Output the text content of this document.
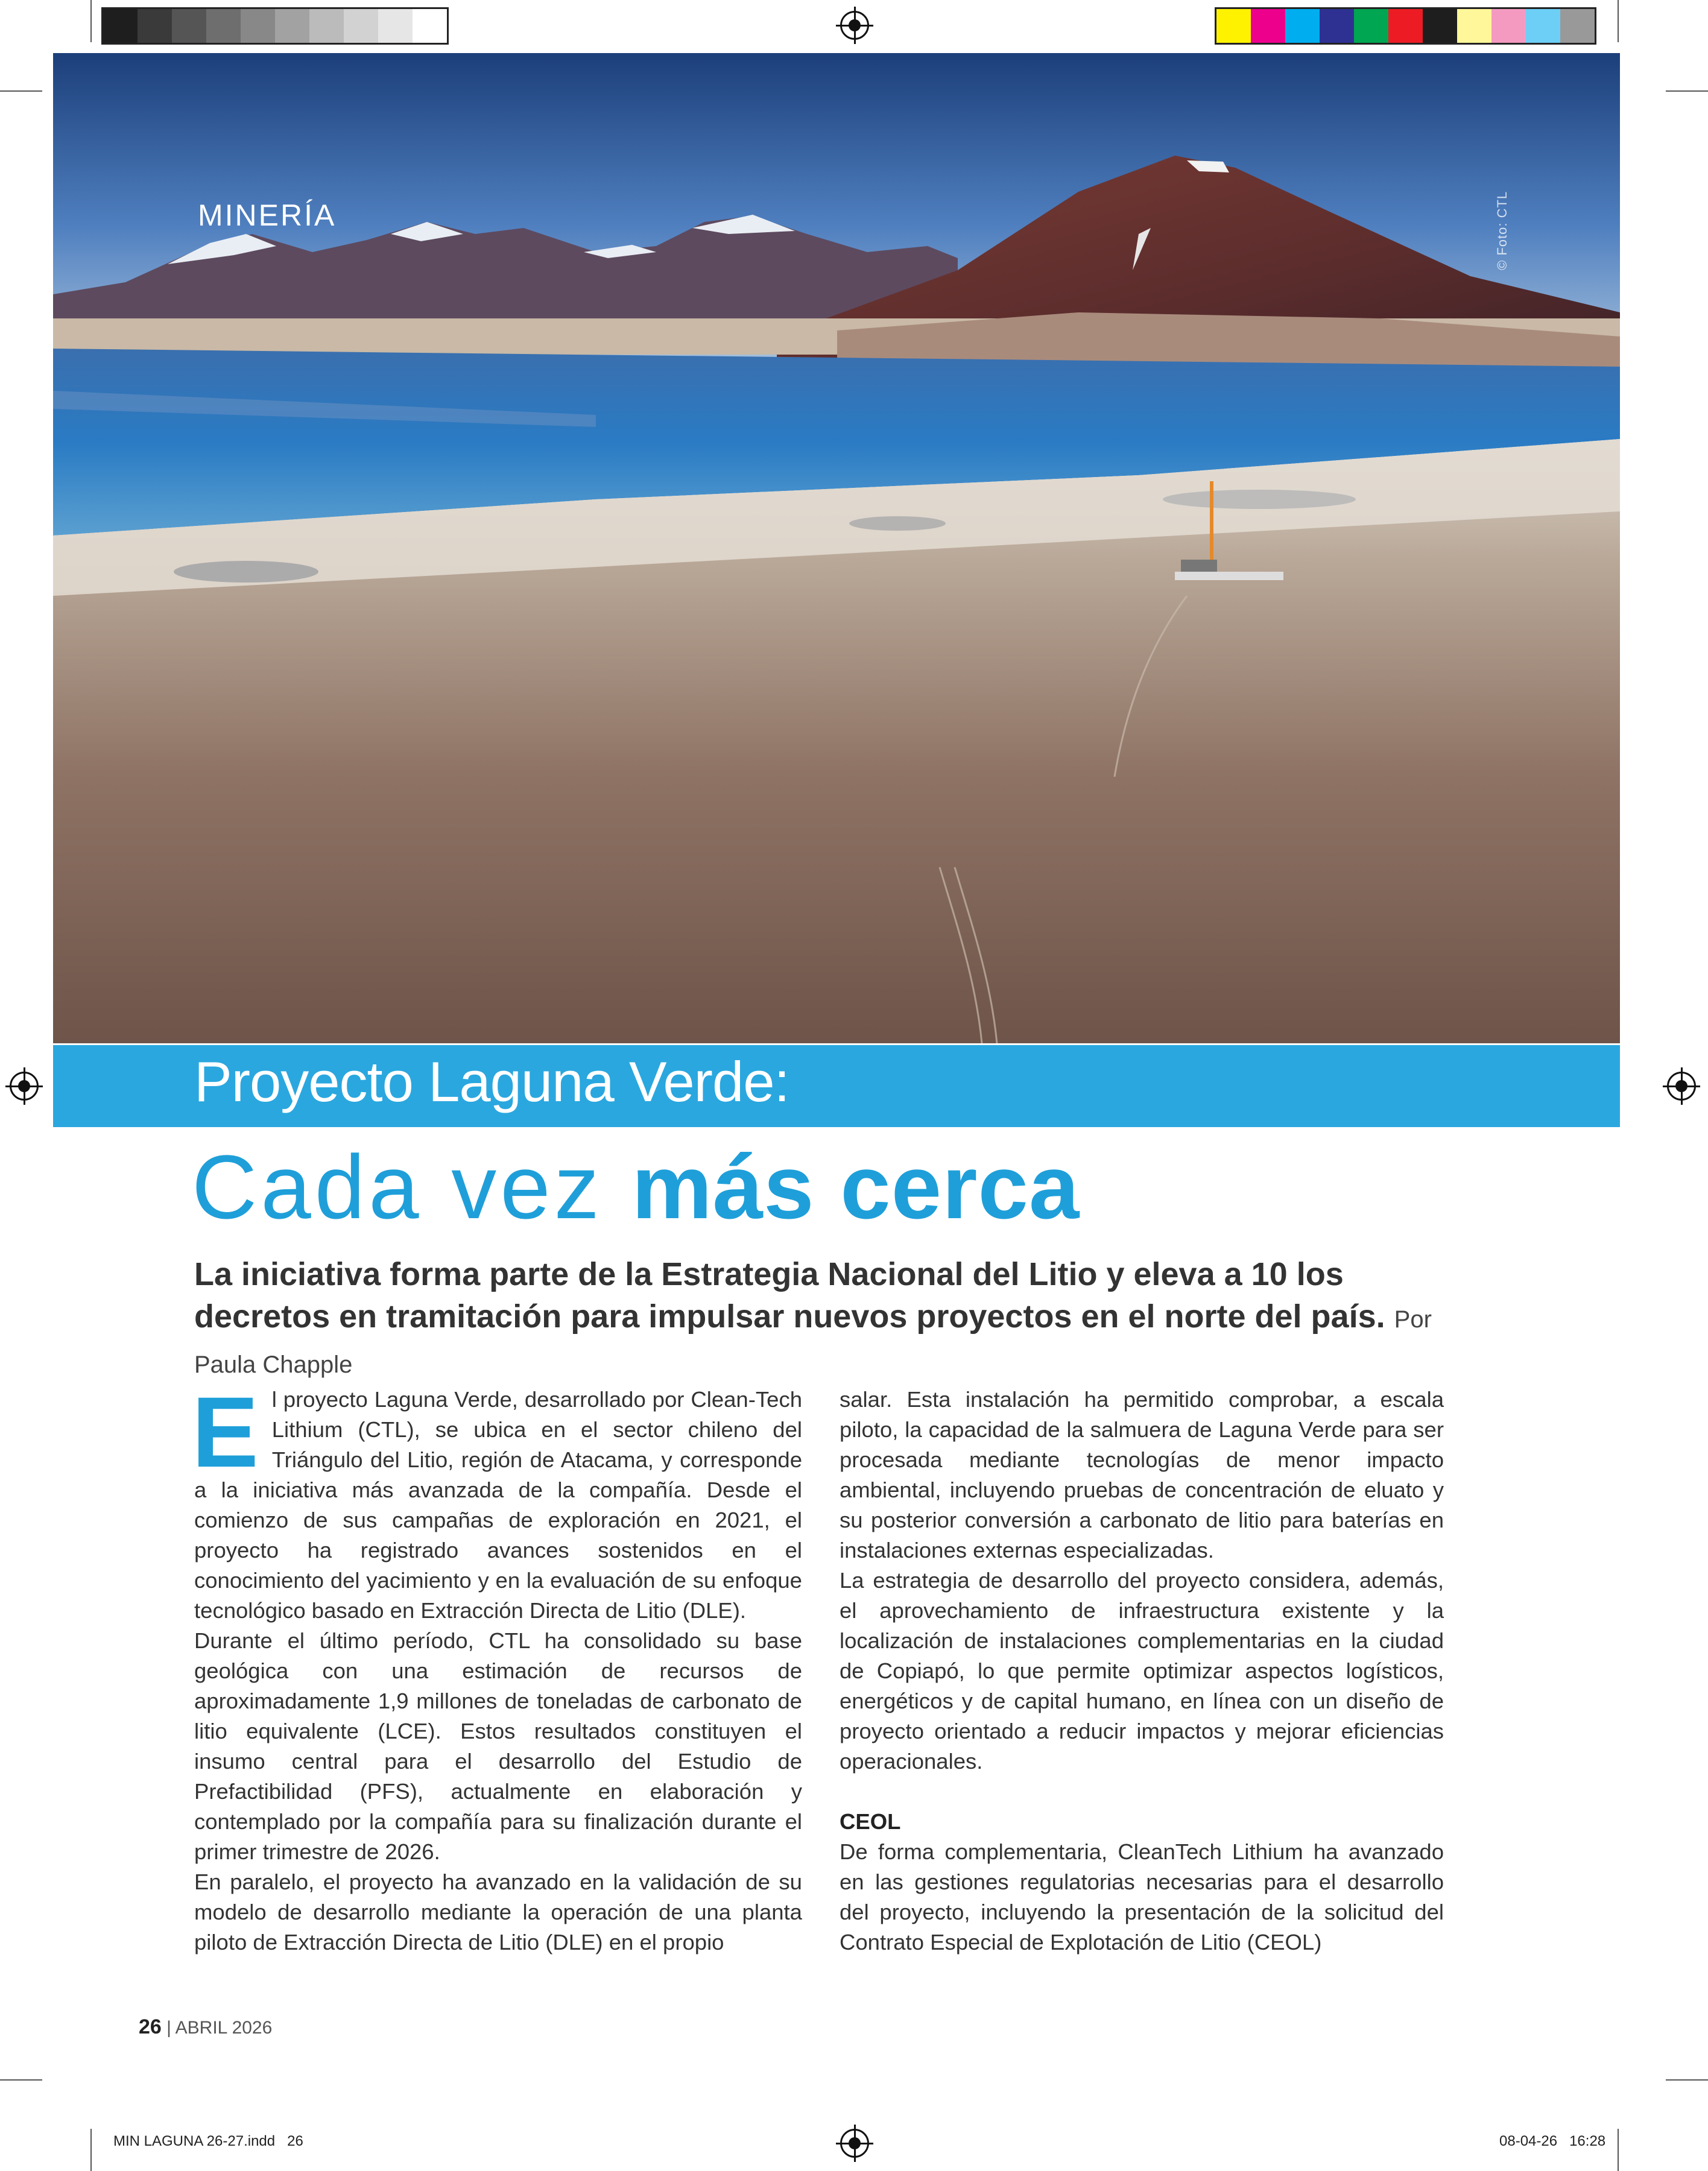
MINERÍA	© Foto: CTL
Proyecto Laguna Verde:
Cada vez más cerca
La iniciativa forma parte de la Estrategia Nacional del Litio y eleva a 10 los decretos en tramitación para impulsar nuevos proyectos en el norte del país. Por Paula Chapple

El proyecto Laguna Verde, desarrollado por Clean-Tech Lithium (CTL), se ubica en el sector chileno del Triángulo del Litio, región de Atacama, y corresponde a la iniciativa más avanzada de la compañía. Desde el comienzo de sus campañas de exploración en 2021, el proyecto ha registrado avances sostenidos en el conocimiento del yacimiento y en la evaluación de su enfoque tecnológico basado en Extracción Directa de Litio (DLE).

Durante el último período, CTL ha consolidado su base geológica con una estimación de recursos de aproximadamente 1,9 millones de toneladas de carbonato de litio equivalente (LCE). Estos resultados constituyen el insumo central para el desarrollo del Estudio de Prefactibilidad (PFS), actualmente en elaboración y contemplado por la compañía para su finalización durante el primer trimestre de 2026.

En paralelo, el proyecto ha avanzado en la validación de su modelo de desarrollo mediante la operación de una planta piloto de Extracción Directa de Litio (DLE) en el propio

salar. Esta instalación ha permitido comprobar, a escala piloto, la capacidad de la salmuera de Laguna Verde para ser procesada mediante tecnologías de menor impacto ambiental, incluyendo pruebas de concentración de eluato y su posterior conversión a carbonato de litio para baterías en instalaciones externas especializadas.

La estrategia de desarrollo del proyecto considera, además, el aprovechamiento de infraestructura existente y la localización de instalaciones complementarias en la ciudad de Copiapó, lo que permite optimizar aspectos logísticos, energéticos y de capital humano, en línea con un diseño de proyecto orientado a reducir impactos y mejorar eficiencias operacionales.

CEOL

De forma complementaria, CleanTech Lithium ha avanzado en las gestiones regulatorias necesarias para el desarrollo del proyecto, incluyendo la presentación de la solicitud del Contrato Especial de Explotación de Litio (CEOL)

26 | ABRIL 2026
MIN LAGUNA 26-27.indd   26	08-04-26   16:28
